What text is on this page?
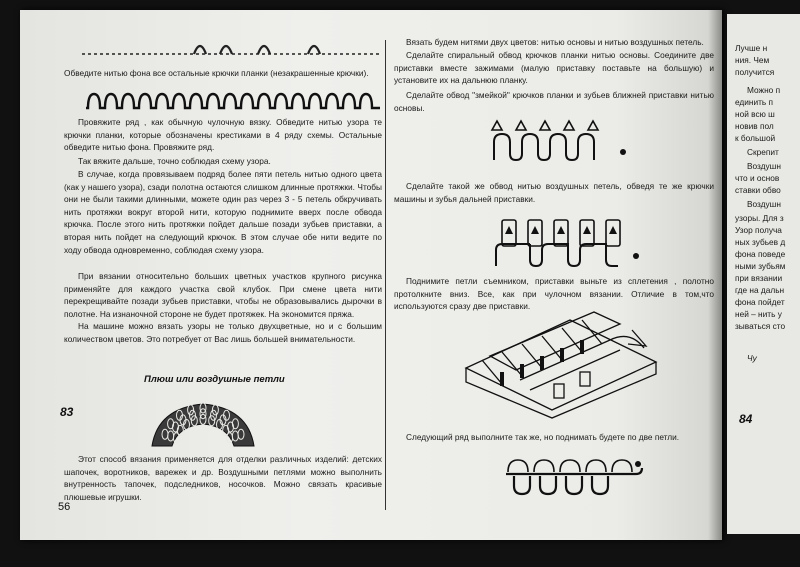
Обведите нитью фона все остальные крючки планки (незакрашенные крючки).

Провяжите ряд , как обычную чулочную вязку. Обведите нитью узора те крючки планки, которые обозначены крестиками в 4 ряду схемы. Остальные обведите нитью фона. Провяжите ряд.

Так вяжите дальше, точно соблюдая схему узора.

В случае, когда провязываем подряд более пяти петель нитью одного цвета (как у нашего узора), сзади полотна остаются слишком длинные протяжки. Чтобы они не были такими длинными, можете один раз через 3 - 5 петель обкручивать нить протяжки вокруг второй нити, которую поднимите вверх после обвода крючка. После этого нить протяжки пойдет дальше позади зубьев приставки, а вторая нить пойдет на следующий крючок. В этом случае обе нити ведите по ходу обвода одновременно, соблюдая схему узора.

При вязании относительно больших цветных участков крупного рисунка применяйте для каждого участка свой клубок. При смене цвета нити перекрещивайте позади зубьев приставки, чтобы не образовывались дырочки в полотне. На изнаночной стороне не будет протяжек. На экономится пряжа.

На машине можно вязать узоры не только двухцветные, но и с большим количеством цветов. Это потребует от Вас лишь большей внимательности.

Плюш или воздушные петли
83

Этот способ вязания применяется для отделки различных изделий: детских шапочек, воротников, варежек и др. Воздушными петлями можно выполнить внутренность тапочек, подследников, носочков. Можно связать красивые плюшевые игрушки.

56

Вязать будем нитями двух цветов: нитью основы и нитью воздушных петель.

Сделайте спиральный обвод крючков планки нитью основы. Соедините две приставки вместе зажимами (малую приставку поставьте на большую) и установите их на дальнюю планку.

Сделайте обвод "змейкой" крючков планки и зубьев ближней приставки нитью основы.

Сделайте такой же обвод нитью воздушных петель, обведя те же крючки машины и зубья дальней приставки.

Поднимите петли съемником, приставки выньте из сплетения , полотно протолкните вниз. Все, как при чулочном вязании. Отличие в том,что используются сразу две приставки.

Следующий ряд выполните так же, но поднимать будете по две петли.

Лучше н
ния. Чем
получится
Можно п
единить п
ной всю ш
новив пол
к большой
Скрепит
Воздушн
что и основ
ставки обво
Воздушн
узоры. Для з
Узор получа
ных зубьев д
фона поведе
ными зубьям
при вязании
где на дальн
фона пойдет
ней – нить у
зываться сто
Чу
84
